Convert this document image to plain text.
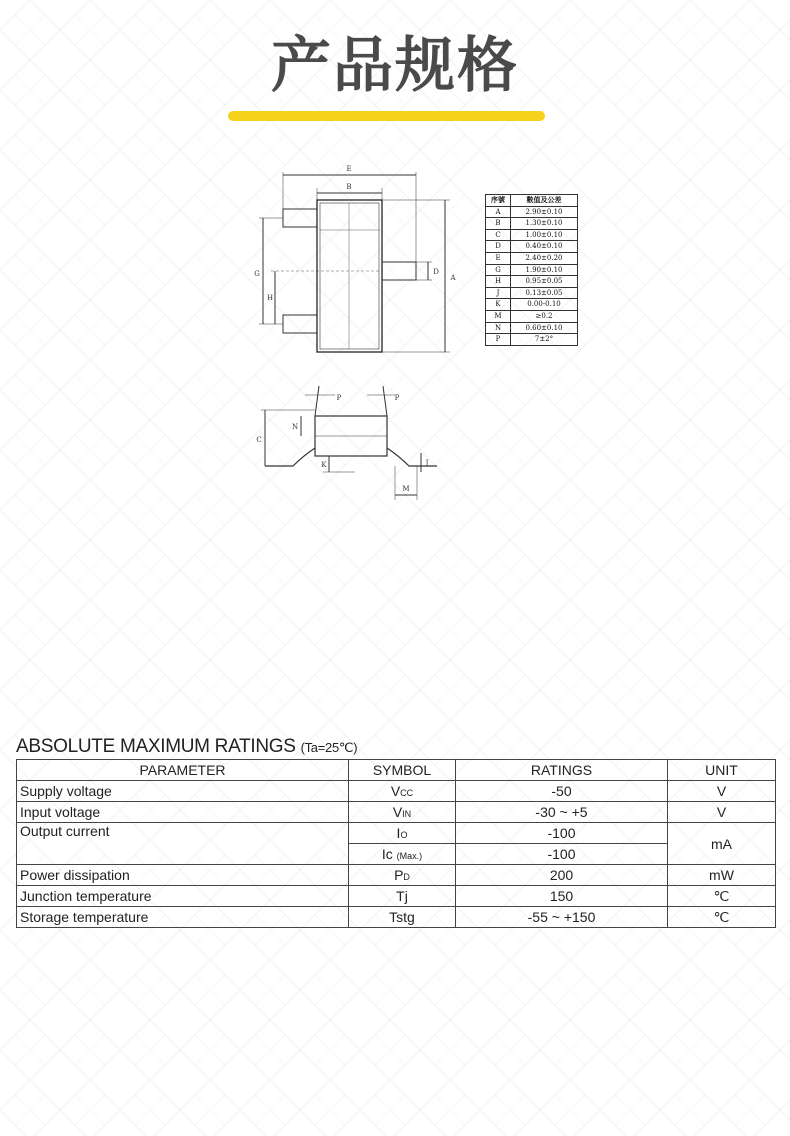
产品规格
E
B
D
A
G
H
P	P
N
C
K	J
M
序號	數值及公差
A	2.90±0.10
B	1.30±0.10
C	1.00±0.10
D	0.40±0.10
E	2.40±0.20
G	1.90±0.10
H	0.95±0.05
J	0.13±0.05
K	0.00-0.10
M	≥0.2
N	0.60±0.10
P	7±2°
ABSOLUTE MAXIMUM RATINGS (Ta=25℃)
PARAMETER	SYMBOL	RATINGS	UNIT
Supply voltage	VCC	-50	V
Input voltage	VIN	-30 ~ +5	V
Output current	IO	-100	mA
	Ic (Max.)	-100	
Power dissipation	PD	200	mW
Junction temperature	Tj	150	℃
Storage temperature	Tstg	-55 ~ +150	℃
